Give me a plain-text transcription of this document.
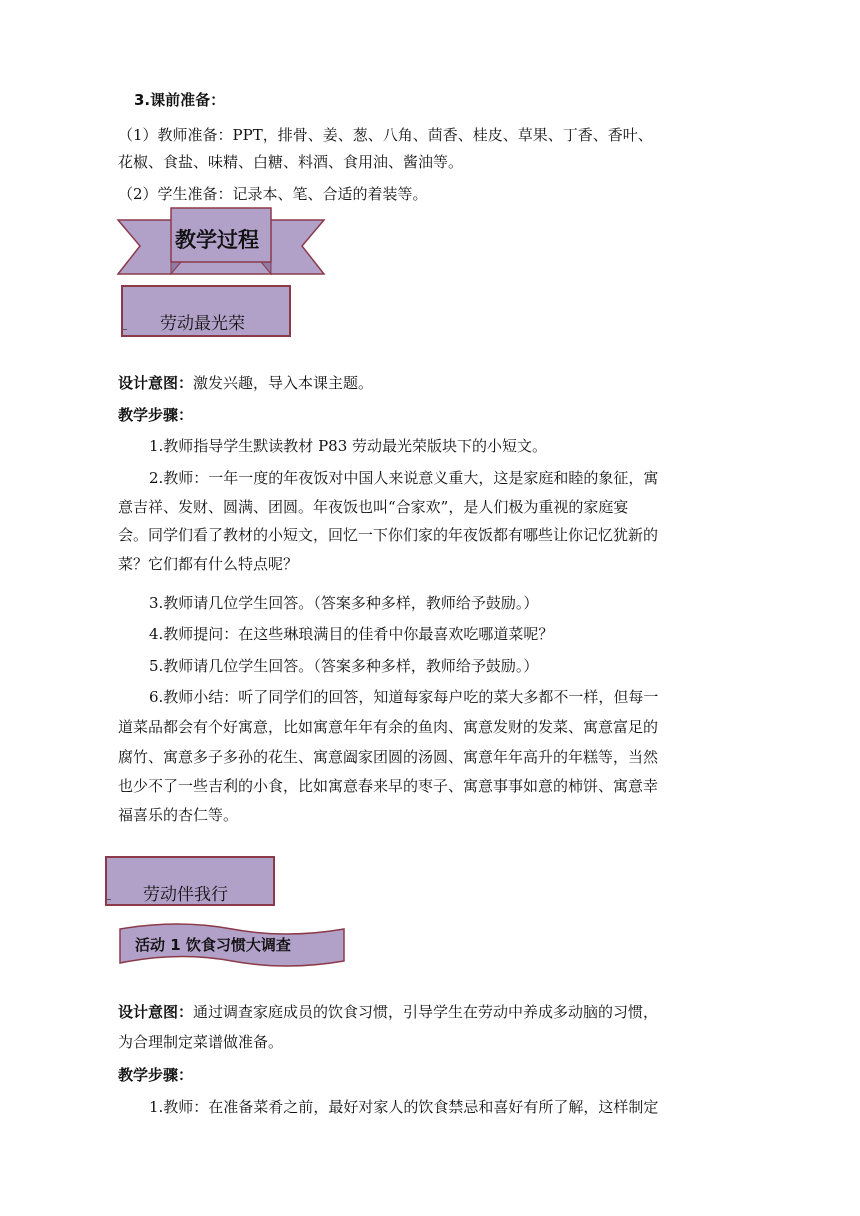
3.课前准备：
（1）教师准备：PPT，排骨、姜、葱、八角、茴香、桂皮、草果、丁香、香叶、
花椒、食盐、味精、白糖、料酒、食用油、酱油等。
（2）学生准备：记录本、笔、合适的着装等。
教学过程
劳动最光荣
设计意图：激发兴趣，导入本课主题。
教学步骤：
1.教师指导学生默读教材 P83 劳动最光荣版块下的小短文。
2.教师：一年一度的年夜饭对中国人来说意义重大，这是家庭和睦的象征，寓
意吉祥、发财、圆满、团圆。年夜饭也叫“合家欢”，是人们极为重视的家庭宴
会。同学们看了教材的小短文，回忆一下你们家的年夜饭都有哪些让你记忆犹新的
菜？它们都有什么特点呢？
3.教师请几位学生回答。（答案多种多样，教师给予鼓励。）
4.教师提问：在这些琳琅满目的佳肴中你最喜欢吃哪道菜呢？
5.教师请几位学生回答。（答案多种多样，教师给予鼓励。）
6.教师小结：听了同学们的回答，知道每家每户吃的菜大多都不一样，但每一
道菜品都会有个好寓意，比如寓意年年有余的鱼肉、寓意发财的发菜、寓意富足的
腐竹、寓意多子多孙的花生、寓意阖家团圆的汤圆、寓意年年高升的年糕等，当然
也少不了一些吉利的小食，比如寓意春来早的枣子、寓意事事如意的柿饼、寓意幸
福喜乐的杏仁等。
劳动伴我行
活动 1 饮食习惯大调查
设计意图：通过调查家庭成员的饮食习惯，引导学生在劳动中养成多动脑的习惯，
为合理制定菜谱做准备。
教学步骤：
1.教师：在准备菜肴之前，最好对家人的饮食禁忌和喜好有所了解，这样制定
